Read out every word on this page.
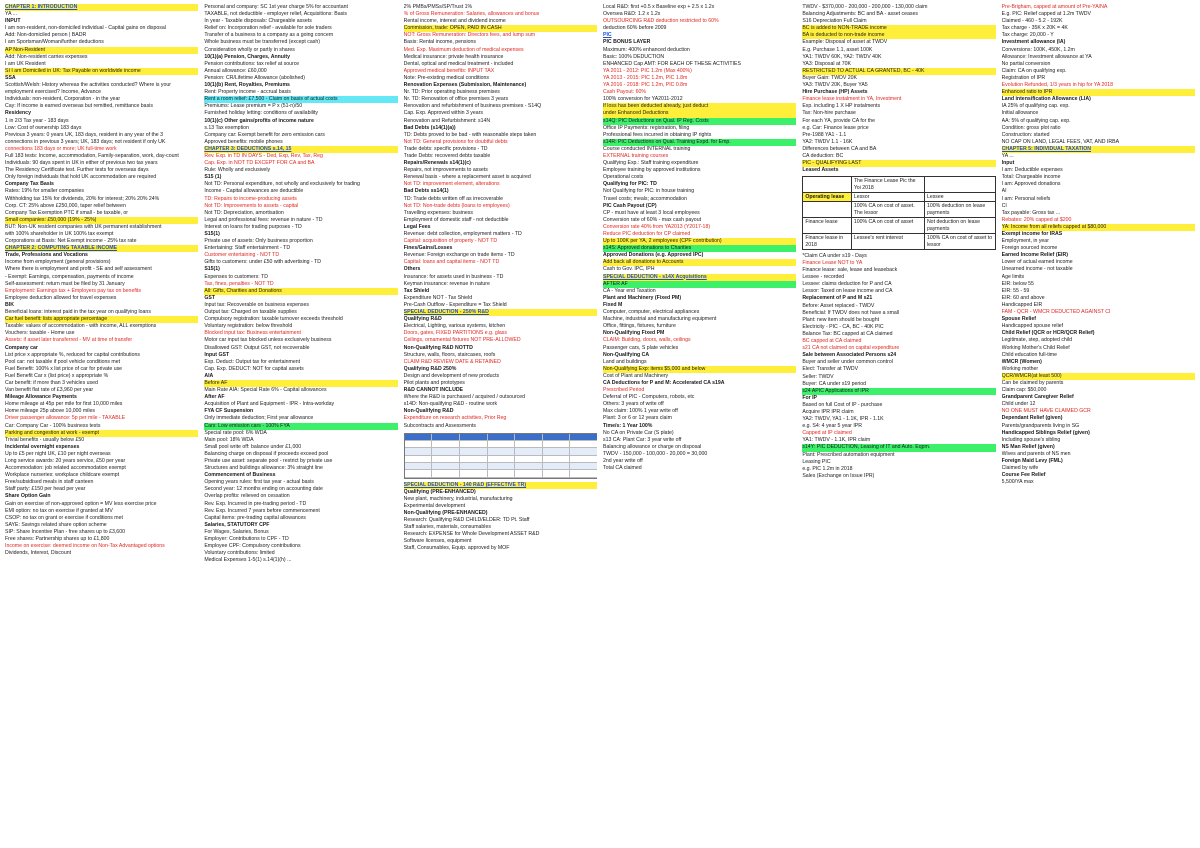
CHAPTER 1: INTRODUCTION
YA ...
INPUT
I am non-resident, non-domiciled individual - Capital gains on disposal
Add: Non-domiciled person | BADR
I am Sportsman/Woman/further deductions
AP Non-Resident
Add: Non-resident carries expenses
I am UK Resident
SI I am Domiciled in UK: Tax Payable on worldwide income
SSA
Scottish/Welsh: History whereas the activities conducted? Where is your
employment exercised? Income, Advance
Individuals: non-resident, Corporation - in the year
Cay: If income is earned overseas but remitted, remittance basis
Residency
1 in 2/3 Tax year - 183 days
Low: Cost of ownership 183 days
Previous 3 years: 0 years UK, 183 days, resident in any year of the 3
connections in previous 3 years; UK, 183 days; not resident if only UK
connections 183 days or more; UK full-time work
Full 183 tests: Income, accommodation, Family-separation, work, day-count
Individuals: 90 days spent in UK in either of previous two tax years
The Residency Certificate test. Further tests for overseas days
Only foreign individuals that hold UK accommodation are required
Company Tax Basis
Rates: 19% for smaller companies
Withholding tax 15% for dividends, 20% for interest; 20% 20% 24%
Corp. CT: 25% above £250,000, taper relief between
Company Tax Exemption PTC if small - be taxable, or
Small companies: £50,000 (19% - 25%)
BUT: Non-UK resident companies with UK permanent establishment
with 100% shareholder in UK 100% tax exempt
Corporations at Basis: Net Exempt income - 25% tax rate
CHAPTER 2: COMPUTING TAXABLE INCOME
Trade, Professions and Vocations
Income from employment (general provisions)
Where there is employment and profit - SE and self assessment
- Exempt: Earnings, compensation, payments of income
Self-assessment: return must be filed by 31 January
Employment: Earnings tax + Employers pay tax on benefits
Employee deduction allowed for travel expenses
BIK
Beneficial loans: interest paid in the tax year on qualifying loans
Car fuel benefit: lists appropriate percentage
Taxable: values of accommodation - with income, ALL exemptions
Vouchers: taxable - Home use
Assets: if asset later transferred - MV at time of transfer
Company car
List price x appropriate %, reduced for capital contributions
Pool car: not taxable if pool vehicle conditions met
Fuel Benefit: 100% x list price of car for private use
Fuel Benefit Car x (list price) x appropriate %
Car benefit: if more than 3 vehicles used
Van benefit flat rate of £3,960 per year
Mileage Allowance Payments
Home mileage at 45p per mile for first 10,000 miles
Home mileage 25p above 10,000 miles
Driver passenger allowance: 5p per mile - TAXABLE
Car: Company Car - 100% business tests
Parking and congestion at work - exempt
Trivial benefits - usually below £50
Incidental overnight expenses
Up to £5 per night UK, £10 per night overseas
Long service awards: 20 years service, £50 per year
Accommodation: job related accommodation exempt
Workplace nurseries: workplace childcare exempt
Free/subsidised meals in staff canteen
Staff party: £150 per head per year
Share Option Gain
Gain on exercise of non-approved option = MV less exercise price
EMI option: no tax on exercise if granted at MV
CSOP: no tax on grant or exercise if conditions met
SAYE: Savings related share option scheme
SIP: Share Incentive Plan - free shares up to £3,600
Free shares: Partnership shares up to £1,800
Income on exercise: deemed income on Non-Tax Advantaged options
Dividends, Interest, Discount
Personal and company: SC 1st year charge 5% for accountant
TAXABLE, not deductible - employer relief, Acquisitions: Basis
In year - Taxable disposals: Chargeable assets
Relief on: Incorporation relief - available for sole traders
Transfer of a business to a company as a going concern
Whole business must be transferred (except cash)
Consideration wholly or partly in shares
10(1)(a) Pension, Charges, Annuity
Pension contributions: tax relief at source
Annual allowance: £60,000
Pension: CR/Lifetime Allowance (abolished)
10(1)(b) Rent, Royalties, Premiums
Rent: Property income - accrual basis
Rent a room relief: £7,500 - Claim on basis of actual costs
Premiums: Lease premium = P x (51-n)/50
Furnished holiday letting: conditions of availability
10(1)(c) Other gains/profits of income nature
s.13 Tax exemption
Company car: Exempt benefit for zero emission cars
Approved benefits: mobile phones
CHAPTER 3: DEDUCTIONS s.14, 15
Rev. Exp. in TD IN DAYS - Ded, Exp, Rev, Tax, Reg
Cap. Exp. in NOT TD EXCEPT FOR CA and BA
Rule: Wholly and exclusively
S15 (1)
Not TD: Personal expenditure, not wholly and exclusively for trading
Income - Capital allowances are deductible
TD: Repairs to income-producing assets
Not TD: Improvements to assets - capital
Not TD: Depreciation, amortisation
Legal and professional fees: revenue in nature - TD
Interest on loans for trading purposes - TD
S15(1)
Private use of assets: Only business proportion
Entertaining: Staff entertainment - TD
Customer entertaining - NOT TD
Gifts to customers: under £50 with advertising - TD
S15(1)
Expenses to customers: TD
Tax, fines, penalties - NOT TD
All: Gifts, Charities and Donations
GST
Input tax: Recoverable on business expenses
Output tax: Charged on taxable supplies
Compulsory registration: taxable turnover exceeds threshold
Voluntary registration: below threshold
Blocked input tax: Business entertainment
Motor car input tax blocked unless exclusively business
Disallowed GST: Output GST, not recoverable
Input GST
Exp. Deduct: Output tax for entertainment
Cap. Exp. DEDUCT: NOT for capital assets
AIA
Before AF
Main Rate AIA: Special Rate 6% - Capital allowances
After AF
Acquisition of Plant and Equipment - IPR - Intra-workday
FYA CF Suspension
Only immediate deduction; First year allowance
Cars: Low emission cars - 100% FYA
Special rate pool: 6% WDA
Main pool: 18% WDA
Small pool write off: balance under £1,000
Balancing charge on disposal if proceeds exceed pool
Private use asset: separate pool - restrict by private use
Structures and buildings allowance: 3% straight line
Commencement of Business
Opening years rules: first tax year - actual basis
Second year: 12 months ending on accounting date
Overlap profits: relieved on cessation
Rev. Exp. Incurred in pre-trading period - TD
Rev. Exp. Incurred 7 years before commencement
Capital items: pre-trading capital allowances
Salaries, STATUTORY CPF
For Wages, Salaries, Bonus
Employer: Contributions to CPF - TD
Employee CPF: Compulsory contributions
Voluntary contributions: limited
Medical Expenses 1-5(1) s.14(1)(h) ...
2% PMBs/PMSs/SP/Trust 1%
% of Gross Remuneration: Salaries, allowances and bonus
Rental income, interest and dividend income
Commission, trade: OPEN, PAID IN CASH
NOT: Gross Remuneration: Directors fees, and lump sum
Basis: Rental income, pensions
Med. Exp. Maximum deduction of medical expenses
Medical insurance: private health insurance
Dental, optical and medical treatment - included
Approved medical benefits: INPUT TAX
Note: Pre-existing medical conditions
Renovation Expenses (Submission, Maintenance)
Nr. TD: Prior operating business premises
Nr. TD: Renovation of office premises 3 years
Renovation and refurbishment of business premises - S14Q
Cap. Exp. Approved within 3 years
Renovation and Refurbishment: s14N
Bad Debts (s14(1)(a))
TD: Debts proved to be bad - with reasonable steps taken
Not TD: General provisions for doubtful debts
Trade debts: specific provisions - TD
Trade Debts: recovered debts taxable
Repairs/Renewals s14(1)(c)
Repairs, not improvements to assets
Renewal basis - where a replacement asset is acquired
Not TD: improvement element, alterations
Bad Debts ss14(1)
TD: Trade debts written off as irrecoverable
Not TD: Non-trade debts (loans to employees)
Travelling expenses: business
Employment of domestic staff - not deductible
Legal Fees
Revenue: debt collection, employment matters - TD
Capital: acquisition of property - NOT TD
Fines/Gains/Losses
Revenue: Foreign exchange on trade items - TD
Capital: loans and capital items - NOT TD
Others
Insurance: for assets used in business - TD
Keyman insurance: revenue in nature
Tax Shield
Expenditure NOT - Tax Shield
Pre-Cash Outflow - Expenditure = Tax Shield
SPECIAL DEDUCTION - 250% R&D
Qualifying R&D
Electrical, Lighting, various systems, kitchen
Doors, gates, FIXED PARTITIONS e.g. glass
Ceilings, ornamental fixtures NOT PRE-ALLOWED
Non-Qualifying R&D NOTTD
Structure, walls, floors, staircases, roofs
CLAIM R&D REVIEW DATE & RETAINED
Qualifying R&D 250%
Design and development of new products
Pilot plants and prototypes
R&D CANNOT INCLUDE
Where the R&D is purchased / acquired / outsourced
s14D: Non-qualifying R&D - routine work
Non-Qualifying R&D
Expenditure on research activities, Prior Reg
Subcontracts and Assessments
SPECIAL DEDUCTION - 140 R&D (EFFECTIVE TR)
Qualifying (PRE-ENHANCED)
New plant, machinery, industrial, manufacturing
Experimental development
Non-Qualifying (PRE-ENHANCED)
Research: Qualifying R&D CHILD/ELDER: TD Pt. Staff
Staff salaries, materials, consumables
Research: EXPENSE for Whole Development ASSET R&D
Software licenses, equipment
Staff, Consumables, Equip. approved by MOF
Local R&D: first +0.5 x Baseline exp + 2.5 x 1.2x
Oversea R&D: 1.2 x 1.2x
OUTSOURCING R&D deduction restricted to 60%
deduction 60% before 2009
PIC
PIC BONUS LAYER
Maximum: 400% enhanced deduction
Basic: 100% DEDUCTION
ENHANCED Cap AMT: FOR EACH OF THESE ACTIVITIES
YA 2011 - 2012: PIC 1.2m (Max 400%)
YA 2013 - 2015: PIC 1.2m, PIC 1.8m
YA 2016 - 2018: PIC 1.2m, PIC 0.8m
Cash Payout: 60%
100% conversion for YA2011-2012
If loss has been deducted already, just deduct
under Enhanced Deductions
s14Q: PIC Deductions on Qual. IP Reg. Costs
Office IP Payments: registration, filing
Professional fees incurred in obtaining IP rights
s14R: PIC Deductions on Qual. Training Expd. for Emp.
Course conducted INTERNAL training
EXTERNAL training courses
Qualifying Exp.: Staff training expenditure
Employee training by approved institutions
Operational costs
Qualifying for PIC: TD
Not Qualifying for PIC: in house training
Travel costs; meals; accommodation
PIC Cash Payout (CP)
CP - must have at least 3 local employees
Conversion rate of 60% - max cash payout
Conversion rate 40% from YA2013 (Y2017-18)
Reduce PIC deduction for CP claimed
Up to 100K per YA, 2 employees (CPF contribution)
s14S: Approved donations to Charities
Approved Donations (e.g. Approved IPC)
Add back all donations to Accounts
Cash to Gov. IPC, IPH
SPECIAL DEDUCTION - s14X Acquisitions
AFTER AF
CA - Year end Taxation
Plant and Machinery (Fixed PM)
Fixed M
Computer, computer, electrical appliances
Machine, industrial and manufacturing equipment
Office, fittings, fixtures, furniture
Non-Qualifying Fixed PM
CLAIM: Building, doors, walls, ceilings
Passenger cars, S plate vehicles
Non-Qualifying CA
Land and buildings
Non-Qualifying Exp: items $5,000 and below
Cost of Plant and Machinery
CA Deductions for P and M: Accelerated CA s19A
Prescribed Period
Deferral of PIC - Computers, robots, etc
Others: 3 years of write off
Max claim: 100% 1 year write off
Plant: 3 or 6 or 12 years claim
Time/s: 1 Year 100%
No CA on Private Car (S plate)
s13 CA: Plant Car: 3 year write off
Balancing allowance or charge on disposal
TWDV - 150,000 - 100,000 - 20,000 = 30,000
2nd year write off
Total CA claimed
TWDV - $370,000 - 200,000 - 200,000 - 130,000 claim
Balancing Adjustments: BC and BA - asset ceases
S16 Depreciation Full Claim
BC is added to NON-TRADE income
BA is deducted to non-trade income
Example: Disposal of asset at TWDV
E.g. Purchase 1.1, asset 100K
YA1: TWDV 60K, YA2: TWDV 40K
YA3: Disposal at 70K
RESTRICTED TO ACTUAL CA GRANTED, BC - 40K
Buyer Gain: TWDV 20K
YA3: TWDV 20K, Buyer YA5
Hire Purchase (HP) Assets
Finance lease instalment in YA, Investment
Exp. including 1 X HP instalments
Tax: Non-hire purchase
For each YA, provide CA for the
e.g. Car: Finance lease price
Pre-1988 YA1 - 1.1
YA2: TWDV 1.1 - 16K
Differences between CA and BA
CA deduction: BC
PIC - QUALIFYING LAST
Leased Assets
	The Finance Lease Pic the Yoi 2018	
Operating lease	Lessor	Lessee
	100% CA on cost of asset. The lessor	100% deduction on lease payments
Finance lease	100% CA on cost of asset	Not deduction on lease payments
Finance lease in 2018	Lessee's rent interest	100% CA on cost of asset to lessor
*Claim CA under s19 - Days
Finance Lease NOT to YA
Finance lease: sale, lease and leaseback
Lessee - recorded
Lessee: claims deduction for P and CA
Lessor: Taxed on lease income and CA
Replacement of P and M s21
Before: Asset replaced - TWDV
Beneficial: If TWDV does not have a small
Plant: new item should be bought
Electricity - PIC - CA, BC - 40K PIC
Balance Tax: BC capped at CA claimed
BC capped at CA claimed
s21 CA not claimed on capital expenditure
Sale between Associated Persons s24
Buyer and seller under common control
Elect: Transfer at TWDV
Seller: TWDV
Buyer: CA under s19 period
s24 APIC Applications of IPR
For IP
Based on full Cost of IP - purchase
Acquire IPR IPR claim
YA2: TWDV, YA1 - 1.1K, IPR - 1.1K
e.g. S4: 4 year 5 year IPR
Capped at IP claimed
YA1: TWDV - 1.1K, IPR claim
s14Y: PIC DEDUCTION, Leasing of IT and Auto. Eqpm.
Plant: Prescribed automation equipment
Leasing PIC
e.g. PIC 1.2m in 2018
Sales (Exchange on Issue IPR)
Pre-Brigham, capped at amount of Pre-YA/NA
E.g. PIC: Relief capped at 1.2m TWDV
Claimed - 460 - 5.2 - 192K
Tax charge - 35K x 20K = 4K
Tax charge: 20,000 - Y
Investment allowance (IA)
Conversions: 100K, 450K, 1.2m
Allowance: Investment allowance at YA
No partial conversion
Claim: CA on qualifying exp.
Registration of IPR
Evolution Refunded, 1/3 years in hip for YA 2018
Enhanced ratio to IPR
Land intensification Allowance (LIA)
IA 25% of qualifying cap. exp.
Initial allowance
AA: 5% of qualifying cap. exp.
Condition: gross plot ratio
Construction: started
NO CAP ON LAND, LEGAL FEES, VAT, AND IRBA
CHAPTER 5: INDIVIDUAL TAXATION
YA ...
Input
I am: Deductible expenses
Total: Chargeable income
I am: Approved donations
AI
I am: Personal reliefs
CI
Tax payable: Gross tax ...
Rebates: 20% capped at $200
YA: Income from all reliefs capped at $80,000
Exempt income for IRAS
Employment, in year
Foreign sourced income
Earned Income Relief (EIR)
Lower of actual earned income
Unearned income - not taxable
Age limits
EIR: below 55
EIR: 55 - 59
EIR: 60 and above
Handicapped EIR
FAM - QCR - WMCR DEDUCTED AGAINST CI
Spouse Relief
Handicapped spouse relief
Child Relief (QCR or HCR/QCR Relief)
Legitimate, step, adopted child
Working Mother's Child Relief
Child education full-time
WMCR (Women)
Working mother
QCR/WMCR(at least 500)
Can be claimed by parents
Claim cap: $50,000
Grandparent Caregiver Relief
Child under 12
NO ONE MUST HAVE CLAIMED GCR
Dependant Relief (given)
Parents/grandparents living in SG
Handicapped Siblings Relief (given)
Including spouse's sibling
NS Man Relief (given)
Wives and parents of NS men
Foreign Maid Levy (FML)
Claimed by wife
Course Fee Relief
5,500/YA max
